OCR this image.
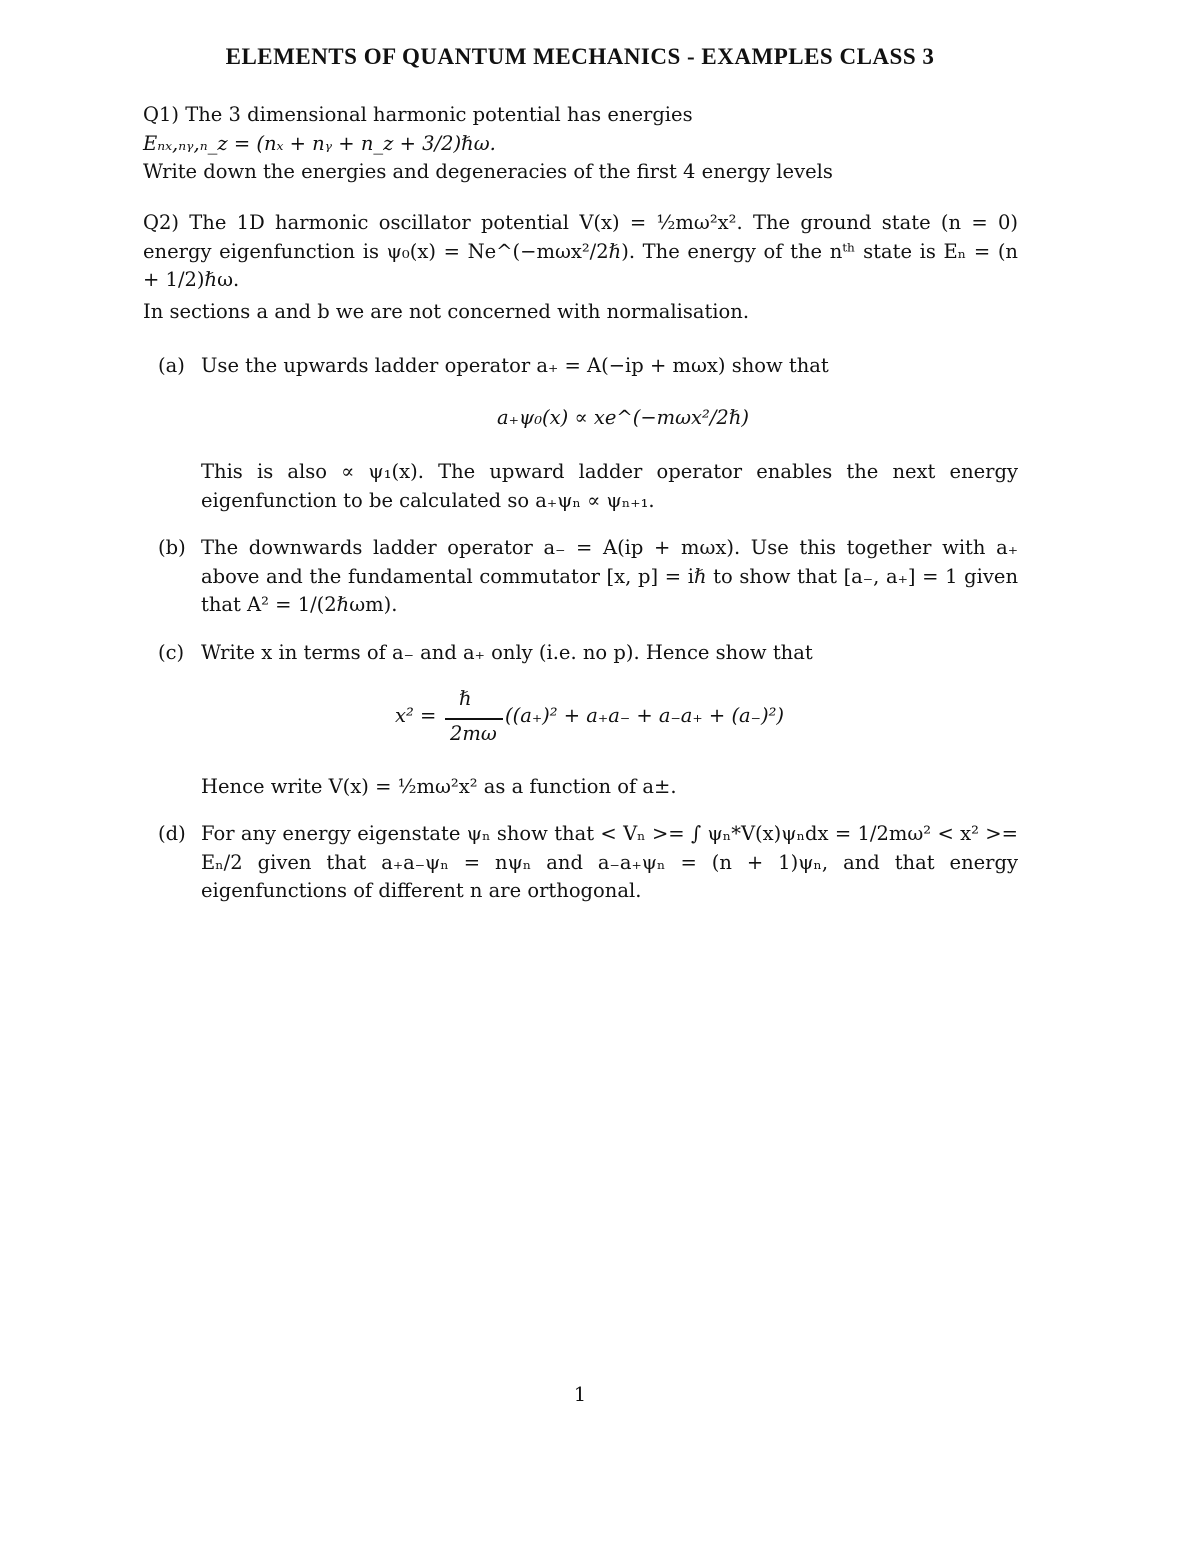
ELEMENTS OF QUANTUM MECHANICS - EXAMPLES CLASS 3
Q1) The 3 dimensional harmonic potential has energies
Eₙₓ,ₙᵧ,ₙ_z = (nₓ + nᵧ + n_z + 3/2)ℏω.
Write down the energies and degeneracies of the first 4 energy levels
Q2) The 1D harmonic oscillator potential V(x) = ½mω²x². The ground state (n = 0) energy eigenfunction is ψ₀(x) = Ne^(−mωx²/2ℏ). The energy of the nᵗʰ state is Eₙ = (n + 1/2)ℏω.
In sections a and b we are not concerned with normalisation.
(a) Use the upwards ladder operator a₊ = A(−ip + mωx) show that
a₊ψ₀(x) ∝ xe^(−mωx²/2ℏ)
This is also ∝ ψ₁(x). The upward ladder operator enables the next energy eigenfunction to be calculated so a₊ψₙ ∝ ψₙ₊₁.
(b) The downwards ladder operator a₋ = A(ip + mωx). Use this together with a₊ above and the fundamental commutator [x, p] = iℏ to show that [a₋, a₊] = 1 given that A² = 1/(2ℏωm).
(c) Write x in terms of a₋ and a₊ only (i.e. no p). Hence show that
x² =
ℏ
2mω
((a₊)² + a₊a₋ + a₋a₊ + (a₋)²)
Hence write V(x) = ½mω²x² as a function of a±.
(d) For any energy eigenstate ψₙ show that < Vₙ >= ∫ ψₙ*V(x)ψₙdx = 1/2mω² < x² >= Eₙ/2 given that a₊a₋ψₙ = nψₙ and a₋a₊ψₙ = (n + 1)ψₙ, and that energy eigenfunctions of different n are orthogonal.
1
